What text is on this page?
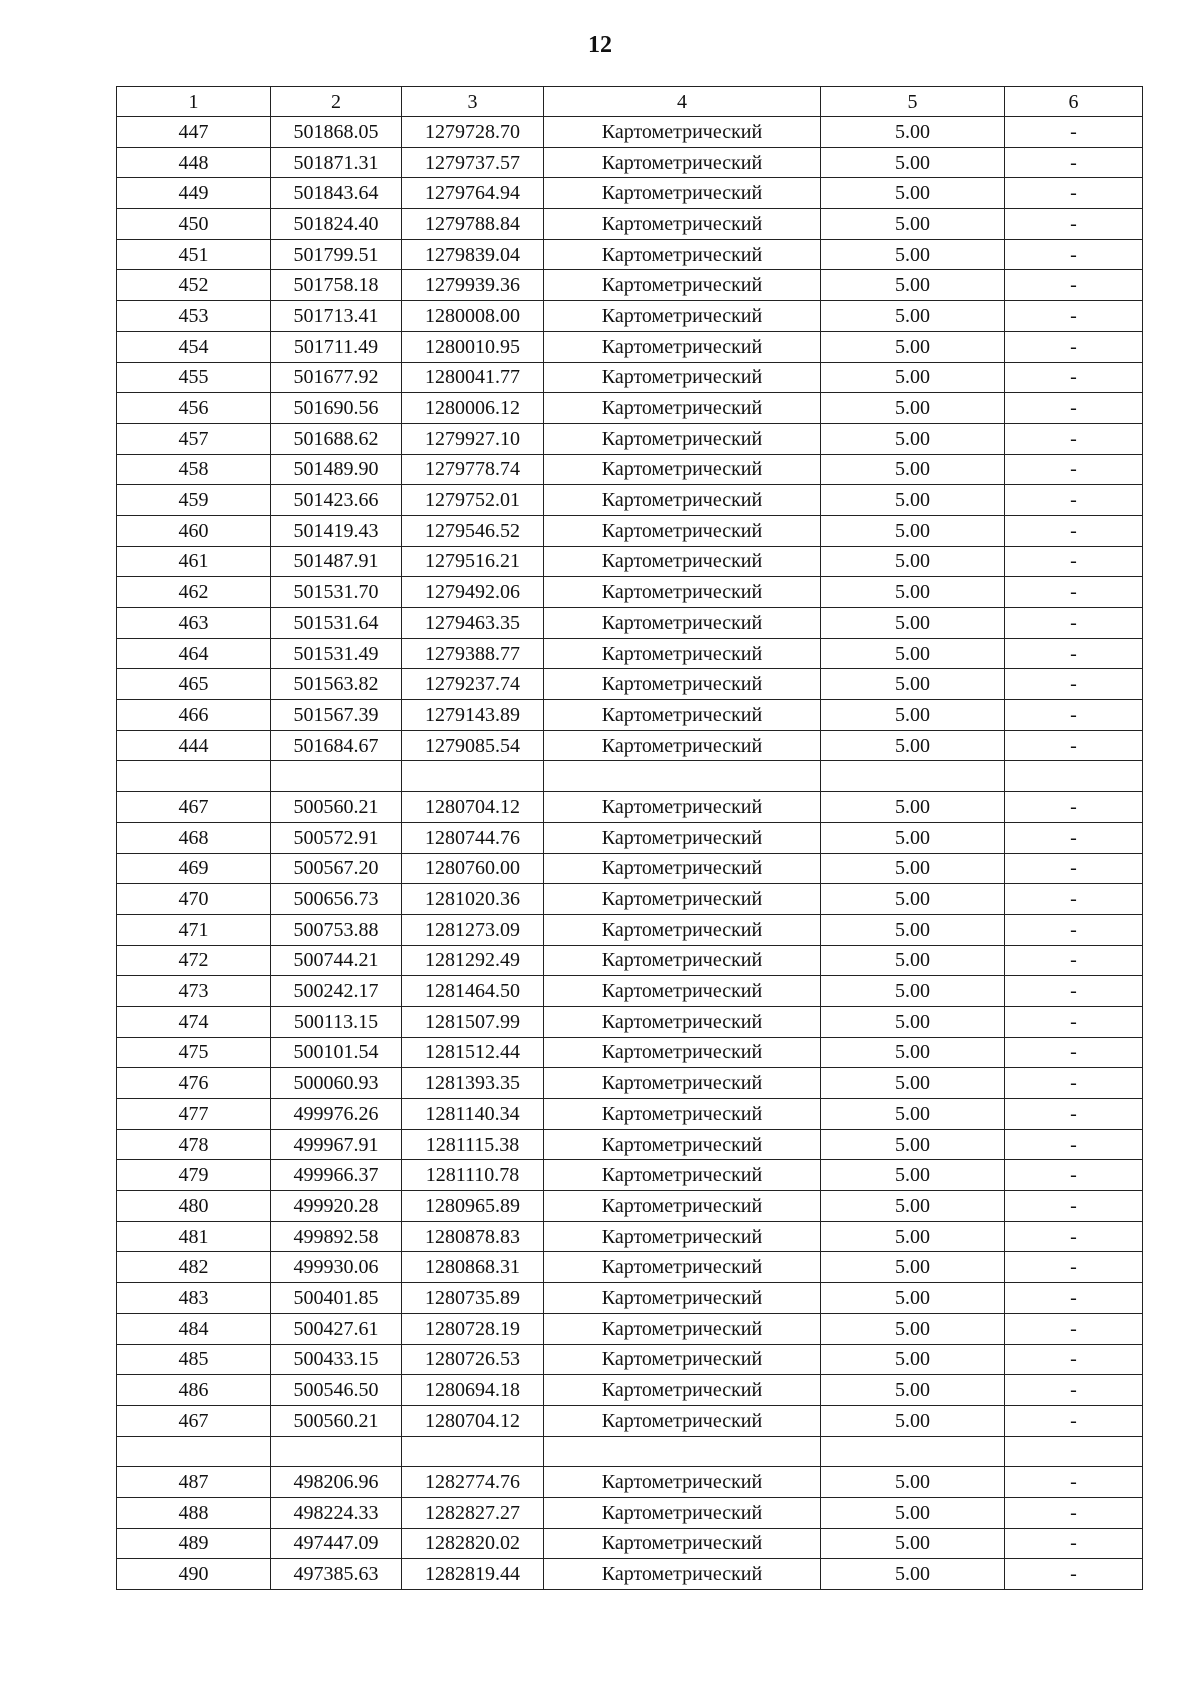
12
1	2	3	4	5	6
447	501868.05	1279728.70	Картометрический	5.00	-
448	501871.31	1279737.57	Картометрический	5.00	-
449	501843.64	1279764.94	Картометрический	5.00	-
450	501824.40	1279788.84	Картометрический	5.00	-
451	501799.51	1279839.04	Картометрический	5.00	-
452	501758.18	1279939.36	Картометрический	5.00	-
453	501713.41	1280008.00	Картометрический	5.00	-
454	501711.49	1280010.95	Картометрический	5.00	-
455	501677.92	1280041.77	Картометрический	5.00	-
456	501690.56	1280006.12	Картометрический	5.00	-
457	501688.62	1279927.10	Картометрический	5.00	-
458	501489.90	1279778.74	Картометрический	5.00	-
459	501423.66	1279752.01	Картометрический	5.00	-
460	501419.43	1279546.52	Картометрический	5.00	-
461	501487.91	1279516.21	Картометрический	5.00	-
462	501531.70	1279492.06	Картометрический	5.00	-
463	501531.64	1279463.35	Картометрический	5.00	-
464	501531.49	1279388.77	Картометрический	5.00	-
465	501563.82	1279237.74	Картометрический	5.00	-
466	501567.39	1279143.89	Картометрический	5.00	-
444	501684.67	1279085.54	Картометрический	5.00	-

467	500560.21	1280704.12	Картометрический	5.00	-
468	500572.91	1280744.76	Картометрический	5.00	-
469	500567.20	1280760.00	Картометрический	5.00	-
470	500656.73	1281020.36	Картометрический	5.00	-
471	500753.88	1281273.09	Картометрический	5.00	-
472	500744.21	1281292.49	Картометрический	5.00	-
473	500242.17	1281464.50	Картометрический	5.00	-
474	500113.15	1281507.99	Картометрический	5.00	-
475	500101.54	1281512.44	Картометрический	5.00	-
476	500060.93	1281393.35	Картометрический	5.00	-
477	499976.26	1281140.34	Картометрический	5.00	-
478	499967.91	1281115.38	Картометрический	5.00	-
479	499966.37	1281110.78	Картометрический	5.00	-
480	499920.28	1280965.89	Картометрический	5.00	-
481	499892.58	1280878.83	Картометрический	5.00	-
482	499930.06	1280868.31	Картометрический	5.00	-
483	500401.85	1280735.89	Картометрический	5.00	-
484	500427.61	1280728.19	Картометрический	5.00	-
485	500433.15	1280726.53	Картометрический	5.00	-
486	500546.50	1280694.18	Картометрический	5.00	-
467	500560.21	1280704.12	Картометрический	5.00	-

487	498206.96	1282774.76	Картометрический	5.00	-
488	498224.33	1282827.27	Картометрический	5.00	-
489	497447.09	1282820.02	Картометрический	5.00	-
490	497385.63	1282819.44	Картометрический	5.00	-
